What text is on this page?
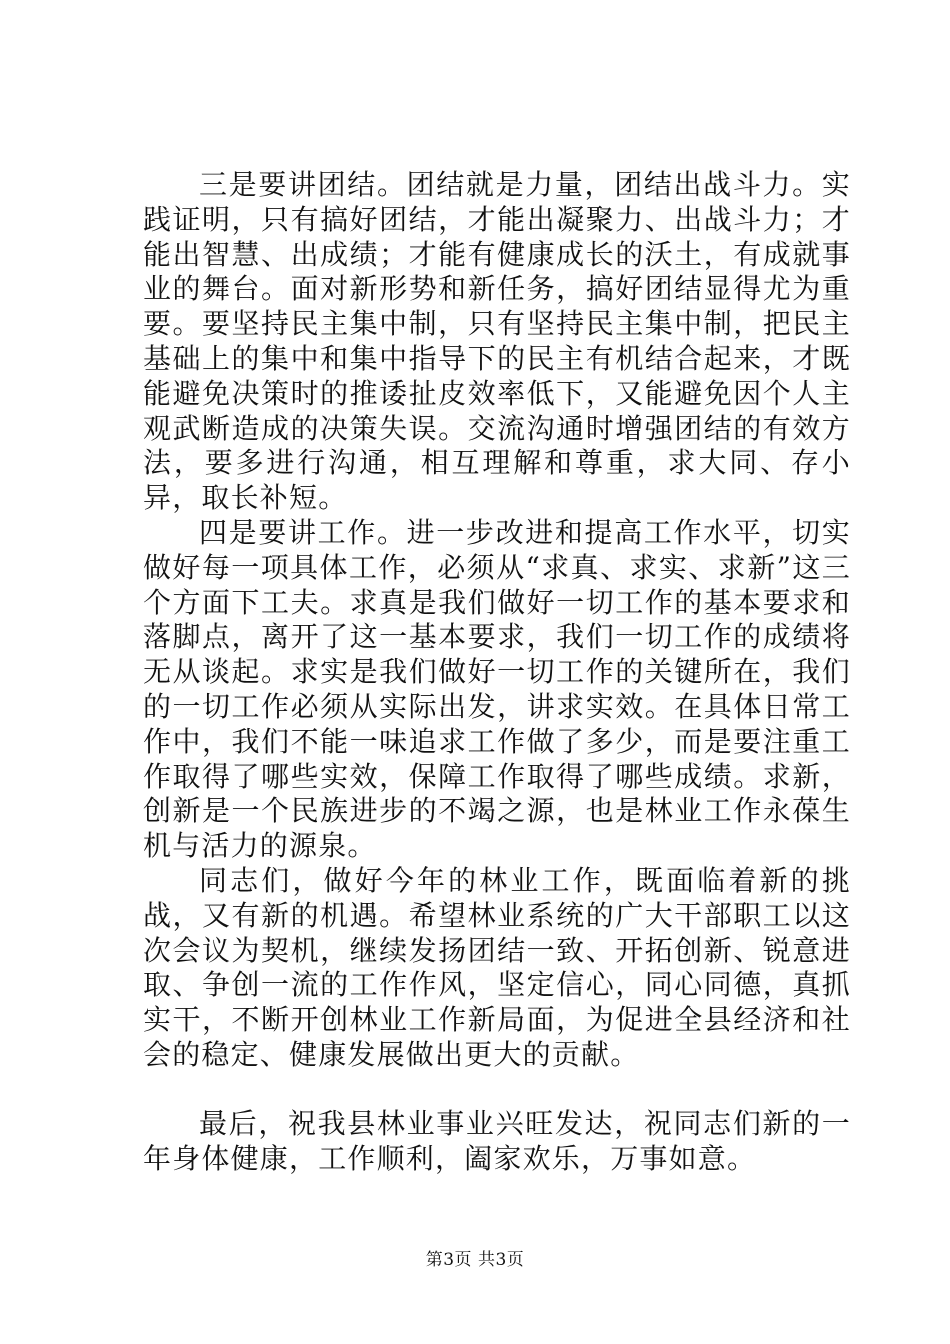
三是要讲团结。团结就是力量，团结出战斗力。实践证明，只有搞好团结，才能出凝聚力、出战斗力；才能出智慧、出成绩；才能有健康成长的沃土，有成就事业的舞台。面对新形势和新任务，搞好团结显得尤为重要。要坚持民主集中制，只有坚持民主集中制，把民主基础上的集中和集中指导下的民主有机结合起来，才既能避免决策时的推诿扯皮效率低下，又能避免因个人主观武断造成的决策失误。交流沟通时增强团结的有效方法，要多进行沟通，相互理解和尊重，求大同、存小异，取长补短。

四是要讲工作。进一步改进和提高工作水平，切实做好每一项具体工作，必须从“求真、求实、求新”这三个方面下工夫。求真是我们做好一切工作的基本要求和落脚点，离开了这一基本要求，我们一切工作的成绩将无从谈起。求实是我们做好一切工作的关键所在，我们的一切工作必须从实际出发，讲求实效。在具体日常工作中，我们不能一味追求工作做了多少，而是要注重工作取得了哪些实效，保障工作取得了哪些成绩。求新，创新是一个民族进步的不竭之源，也是林业工作永葆生机与活力的源泉。

同志们，做好今年的林业工作，既面临着新的挑战，又有新的机遇。希望林业系统的广大干部职工以这次会议为契机，继续发扬团结一致、开拓创新、锐意进取、争创一流的工作作风，坚定信心，同心同德，真抓实干，不断开创林业工作新局面，为促进全县经济和社会的稳定、健康发展做出更大的贡献。

最后，祝我县林业事业兴旺发达，祝同志们新的一年身体健康，工作顺利，阖家欢乐，万事如意。

第3页 共3页
